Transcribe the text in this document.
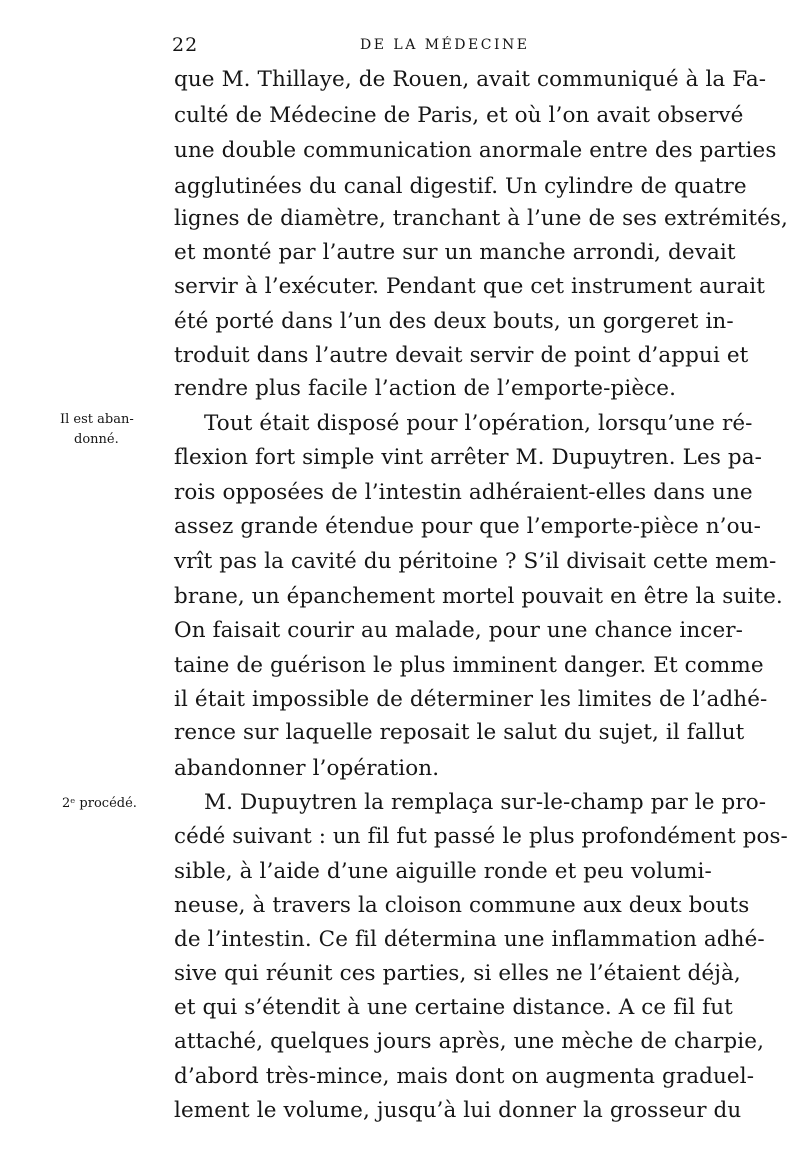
22	DE LA MÉDECINE
Il est aban-
donné.
2ᵉ procédé.
que M. Thillaye, de Rouen, avait communiqué à la Fa-
culté de Médecine de Paris, et où l’on avait observé
une double communication anormale entre des parties
agglutinées du canal digestif. Un cylindre de quatre
lignes de diamètre, tranchant à l’une de ses extrémités,
et monté par l’autre sur un manche arrondi, devait
servir à l’exécuter. Pendant que cet instrument aurait
été porté dans l’un des deux bouts, un gorgeret in-
troduit dans l’autre devait servir de point d’appui et
rendre plus facile l’action de l’emporte-pièce.
Tout était disposé pour l’opération, lorsqu’une ré-
flexion fort simple vint arrêter M. Dupuytren. Les pa-
rois opposées de l’intestin adhéraient-elles dans une
assez grande étendue pour que l’emporte-pièce n’ou-
vrît pas la cavité du péritoine ? S’il divisait cette mem-
brane, un épanchement mortel pouvait en être la suite.
On faisait courir au malade, pour une chance incer-
taine de guérison le plus imminent danger. Et comme
il était impossible de déterminer les limites de l’adhé-
rence sur laquelle reposait le salut du sujet, il fallut
abandonner l’opération.
M. Dupuytren la remplaça sur-le-champ par le pro-
cédé suivant : un fil fut passé le plus profondément pos-
sible, à l’aide d’une aiguille ronde et peu volumi-
neuse, à travers la cloison commune aux deux bouts
de l’intestin. Ce fil détermina une inflammation adhé-
sive qui réunit ces parties, si elles ne l’étaient déjà,
et qui s’étendit à une certaine distance. A ce fil fut
attaché, quelques jours après, une mèche de charpie,
d’abord très-mince, mais dont on augmenta graduel-
lement le volume, jusqu’à lui donner la grosseur du
